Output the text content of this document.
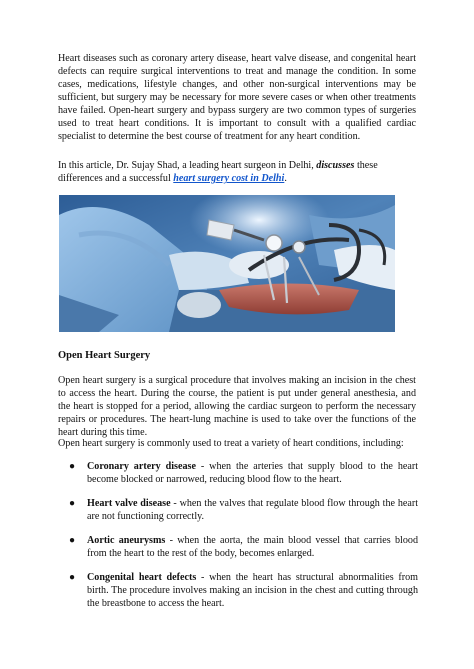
Heart diseases such as coronary artery disease, heart valve disease, and congenital heart defects can require surgical interventions to treat and manage the condition. In some cases, medications, lifestyle changes, and other non-surgical interventions may be sufficient, but surgery may be necessary for more severe cases or when other treatments have failed. Open-heart surgery and bypass surgery are two common types of surgeries used to treat heart conditions. It is important to consult with a qualified cardiac specialist to determine the best course of treatment for any heart condition.

In this article, Dr. Sujay Shad, a leading heart surgeon in Delhi, discusses these differences and a successful heart surgery cost in Delhi.

Open Heart Surgery

Open heart surgery is a surgical procedure that involves making an incision in the chest to access the heart. During the course, the patient is put under general anesthesia, and the heart is stopped for a period, allowing the cardiac surgeon to perform the necessary repairs or procedures. The heart-lung machine is used to take over the functions of the heart during this time.

Open heart surgery is commonly used to treat a variety of heart conditions, including:

● Coronary artery disease - when the arteries that supply blood to the heart become blocked or narrowed, reducing blood flow to the heart.
● Heart valve disease - when the valves that regulate blood flow through the heart are not functioning correctly.
● Aortic aneurysms - when the aorta, the main blood vessel that carries blood from the heart to the rest of the body, becomes enlarged.
● Congenital heart defects - when the heart has structural abnormalities from birth. The procedure involves making an incision in the chest and cutting through the breastbone to access the heart.
